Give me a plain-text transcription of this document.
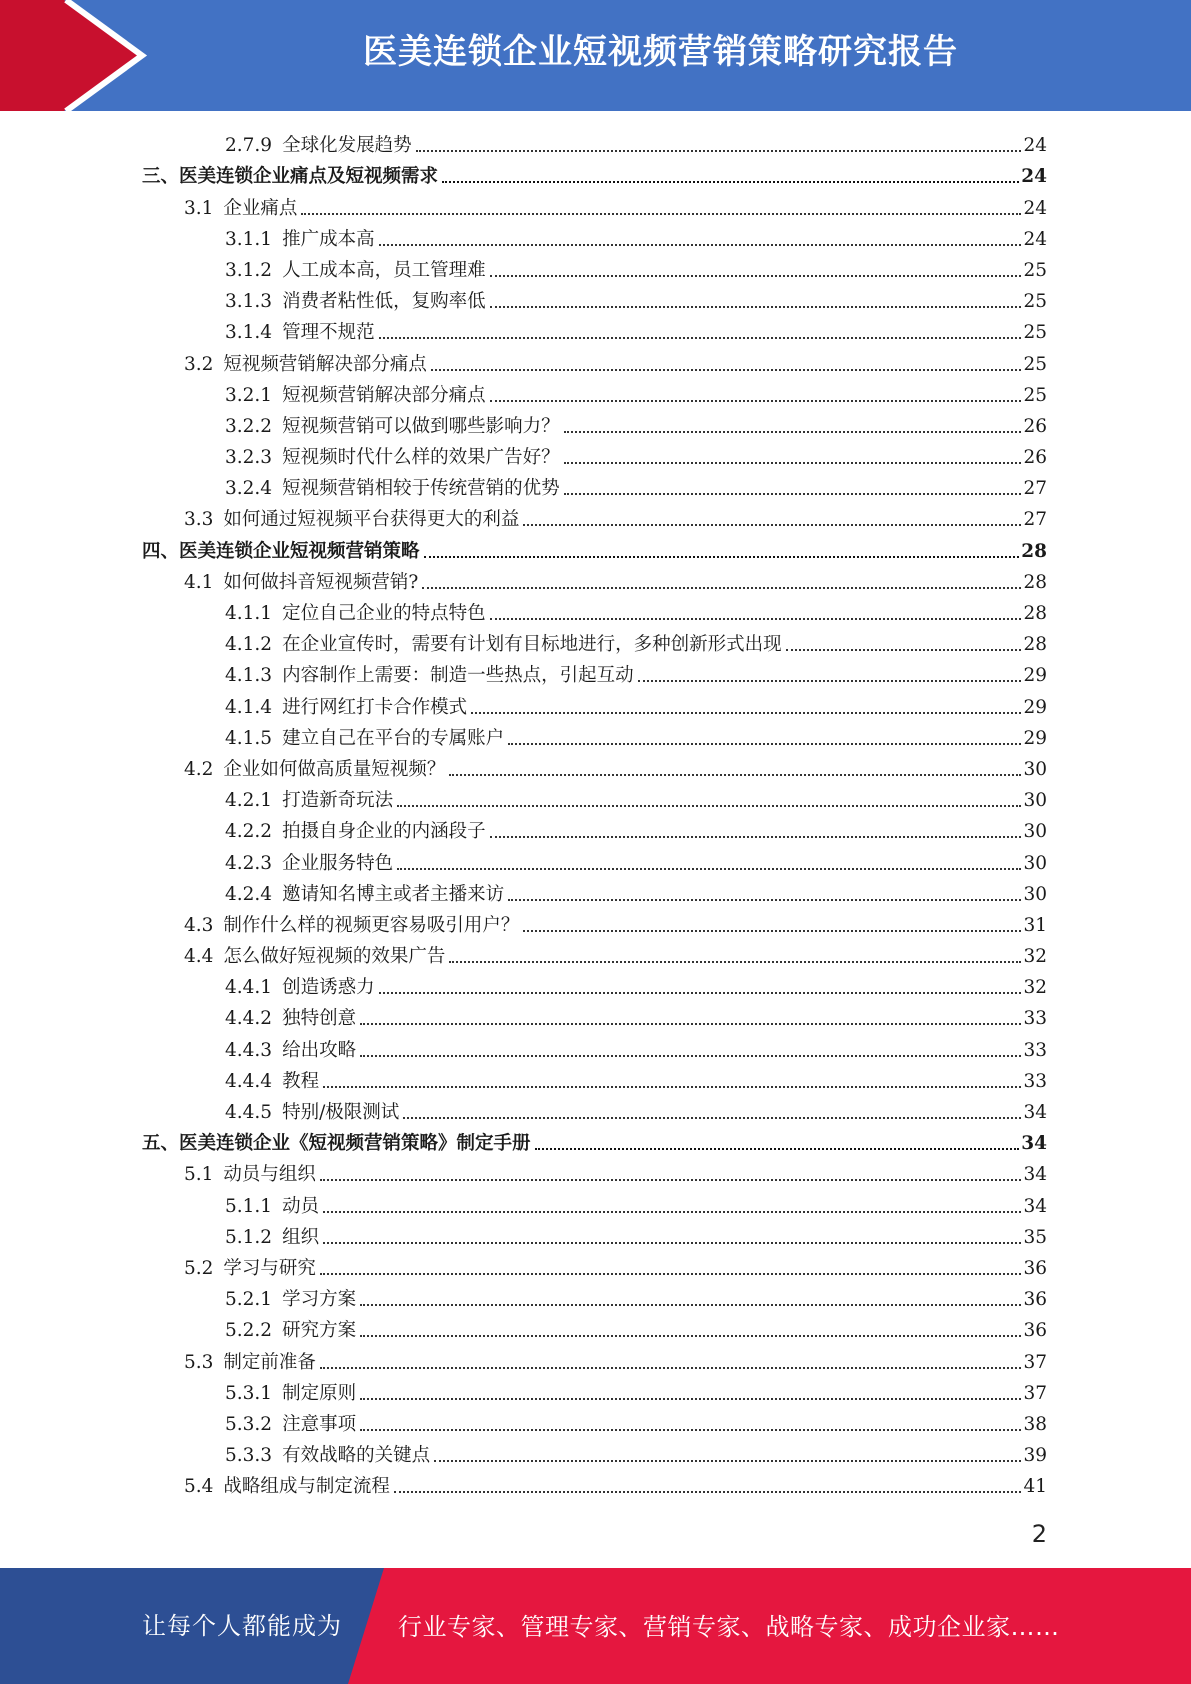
医美连锁企业短视频营销策略研究报告
2.7.9 全球化发展趋势	24
三、 医美连锁企业痛点及短视频需求	24
3.1 企业痛点	24
3.1.1 推广成本高	24
3.1.2 人工成本高，员工管理难	25
3.1.3 消费者粘性低，复购率低	25
3.1.4 管理不规范	25
3.2 短视频营销解决部分痛点	25
3.2.1 短视频营销解决部分痛点	25
3.2.2 短视频营销可以做到哪些影响力？	26
3.2.3 短视频时代什么样的效果广告好？	26
3.2.4 短视频营销相较于传统营销的优势	27
3.3 如何通过短视频平台获得更大的利益	27
四、 医美连锁企业短视频营销策略	28
4.1 如何做抖音短视频营销?	28
4.1.1 定位自己企业的特点特色	28
4.1.2 在企业宣传时，需要有计划有目标地进行，多种创新形式出现	28
4.1.3 内容制作上需要：制造一些热点，引起互动	29
4.1.4 进行网红打卡合作模式	29
4.1.5 建立自己在平台的专属账户	29
4.2 企业如何做高质量短视频？	30
4.2.1 打造新奇玩法	30
4.2.2 拍摄自身企业的内涵段子	30
4.2.3 企业服务特色	30
4.2.4 邀请知名博主或者主播来访	30
4.3 制作什么样的视频更容易吸引用户？	31
4.4 怎么做好短视频的效果广告	32
4.4.1 创造诱惑力	32
4.4.2 独特创意	33
4.4.3 给出攻略	33
4.4.4 教程	33
4.4.5 特别/极限测试	34
五、 医美连锁企业《短视频营销策略》制定手册	34
5.1 动员与组织	34
5.1.1 动员	34
5.1.2 组织	35
5.2 学习与研究	36
5.2.1 学习方案	36
5.2.2 研究方案	36
5.3 制定前准备	37
5.3.1 制定原则	37
5.3.2 注意事项	38
5.3.3 有效战略的关键点	39
5.4 战略组成与制定流程	41
2
让每个人都能成为 行业专家、管理专家、营销专家、战略专家、成功企业家……
